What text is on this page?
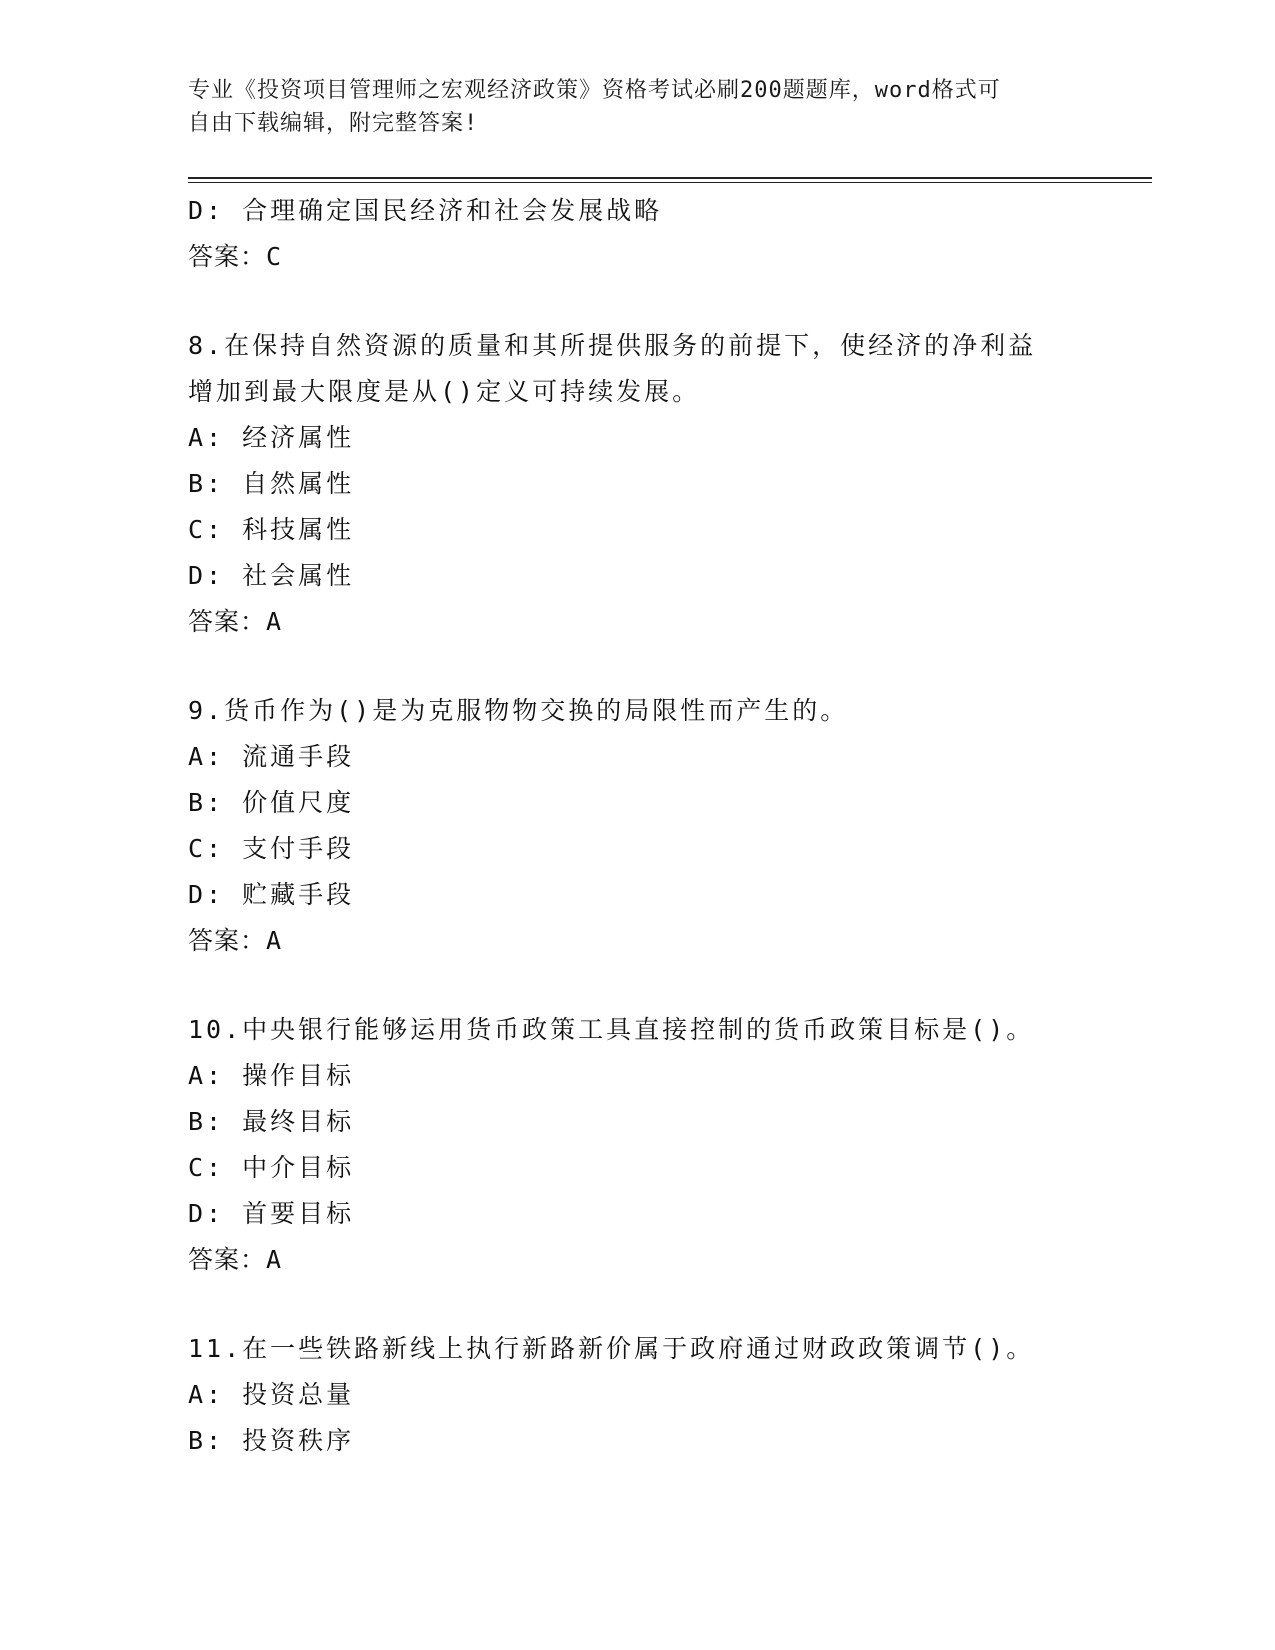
专业《投资项目管理师之宏观经济政策》资格考试必刷200题题库，word格式可
自由下载编辑，附完整答案!
D: 合理确定国民经济和社会发展战略
答案：C
8.在保持自然资源的质量和其所提供服务的前提下，使经济的净利益
增加到最大限度是从()定义可持续发展。
A: 经济属性
B: 自然属性
C: 科技属性
D: 社会属性
答案：A
9.货币作为()是为克服物物交换的局限性而产生的。
A: 流通手段
B: 价值尺度
C: 支付手段
D: 贮藏手段
答案：A
10.中央银行能够运用货币政策工具直接控制的货币政策目标是()。
A: 操作目标
B: 最终目标
C: 中介目标
D: 首要目标
答案：A
11.在一些铁路新线上执行新路新价属于政府通过财政政策调节()。
A: 投资总量
B: 投资秩序
